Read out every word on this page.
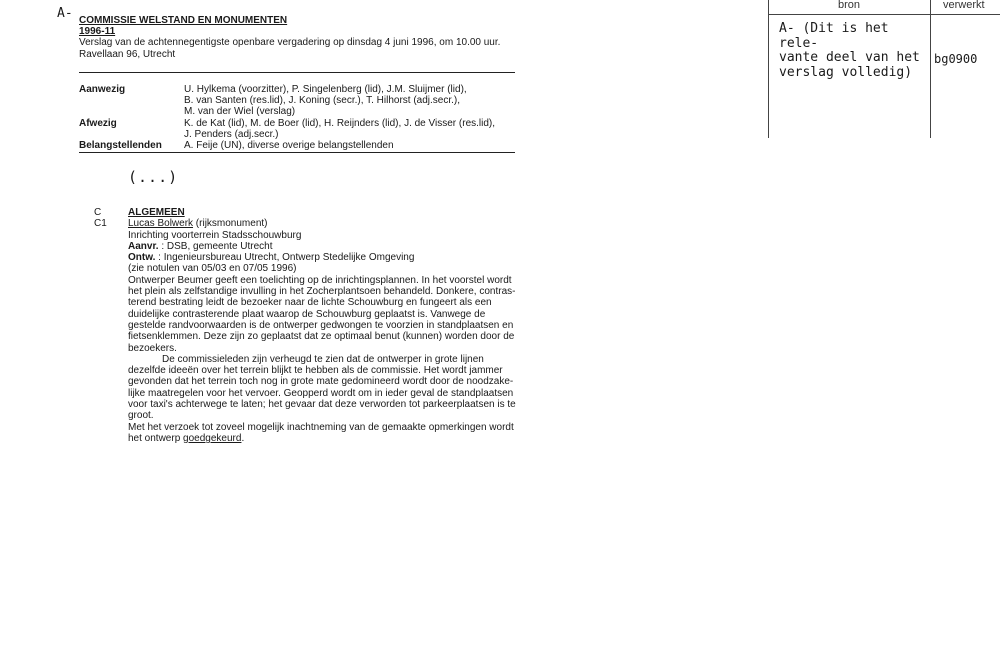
A- COMMISSIE WELSTAND EN MONUMENTEN
1996-11
Verslag van de achtennegentigste openbare vergadering op dinsdag 4 juni 1996, om 10.00 uur.
Ravellaan 96, Utrecht
Aanwezig	U. Hylkema (voorzitter), P. Singelenberg (lid), J.M. Sluijmer (lid),
B. van Santen (res.lid), J. Koning (secr.), T. Hilhorst (adj.secr.),
M. van der Wiel (verslag)
Afwezig	K. de Kat (lid), M. de Boer (lid), H. Reijnders (lid), J. de Visser (res.lid),
J. Penders (adj.secr.)
Belangstellenden	A. Feije (UN), diverse overige belangstellenden
(...)
C	ALGEMEEN
C1	Lucas Bolwerk (rijksmonument)
Inrichting voorterrein Stadsschouwburg
Aanvr. : DSB, gemeente Utrecht
Ontw. : Ingenieursbureau Utrecht, Ontwerp Stedelijke Omgeving
(zie notulen van 05/03 en 07/05 1996)
Ontwerper Beumer geeft een toelichting op de inrichtingsplannen. In het voorstel wordt
het plein als zelfstandige invulling in het Zocherplantsoen behandeld. Donkere, contras-
terend bestrating leidt de bezoeker naar de lichte Schouwburg en fungeert als een
duidelijke contrasterende plaat waarop de Schouwburg geplaatst is. Vanwege de
gestelde randvoorwaarden is de ontwerper gedwongen te voorzien in standplaatsen en
fietsenklemmen. Deze zijn zo geplaatst dat ze optimaal benut (kunnen) worden door de
bezoekers.
De commissieleden zijn verheugd te zien dat de ontwerper in grote lijnen
dezelfde ideeën over het terrein blijkt te hebben als de commissie. Het wordt jammer
gevonden dat het terrein toch nog in grote mate gedomineerd wordt door de noodzake-
lijke maatregelen voor het vervoer. Geopperd wordt om in ieder geval de standplaatsen
voor taxi's achterwege te laten; het gevaar dat deze verworden tot parkeerplaatsen is te
groot.
Met het verzoek tot zoveel mogelijk inachtneming van de gemaakte opmerkingen wordt
het ontwerp goedgekeurd.
bron	verwerkt
A- (Dit is het rele-
vante deel van het
verslag volledig)
bg0900
